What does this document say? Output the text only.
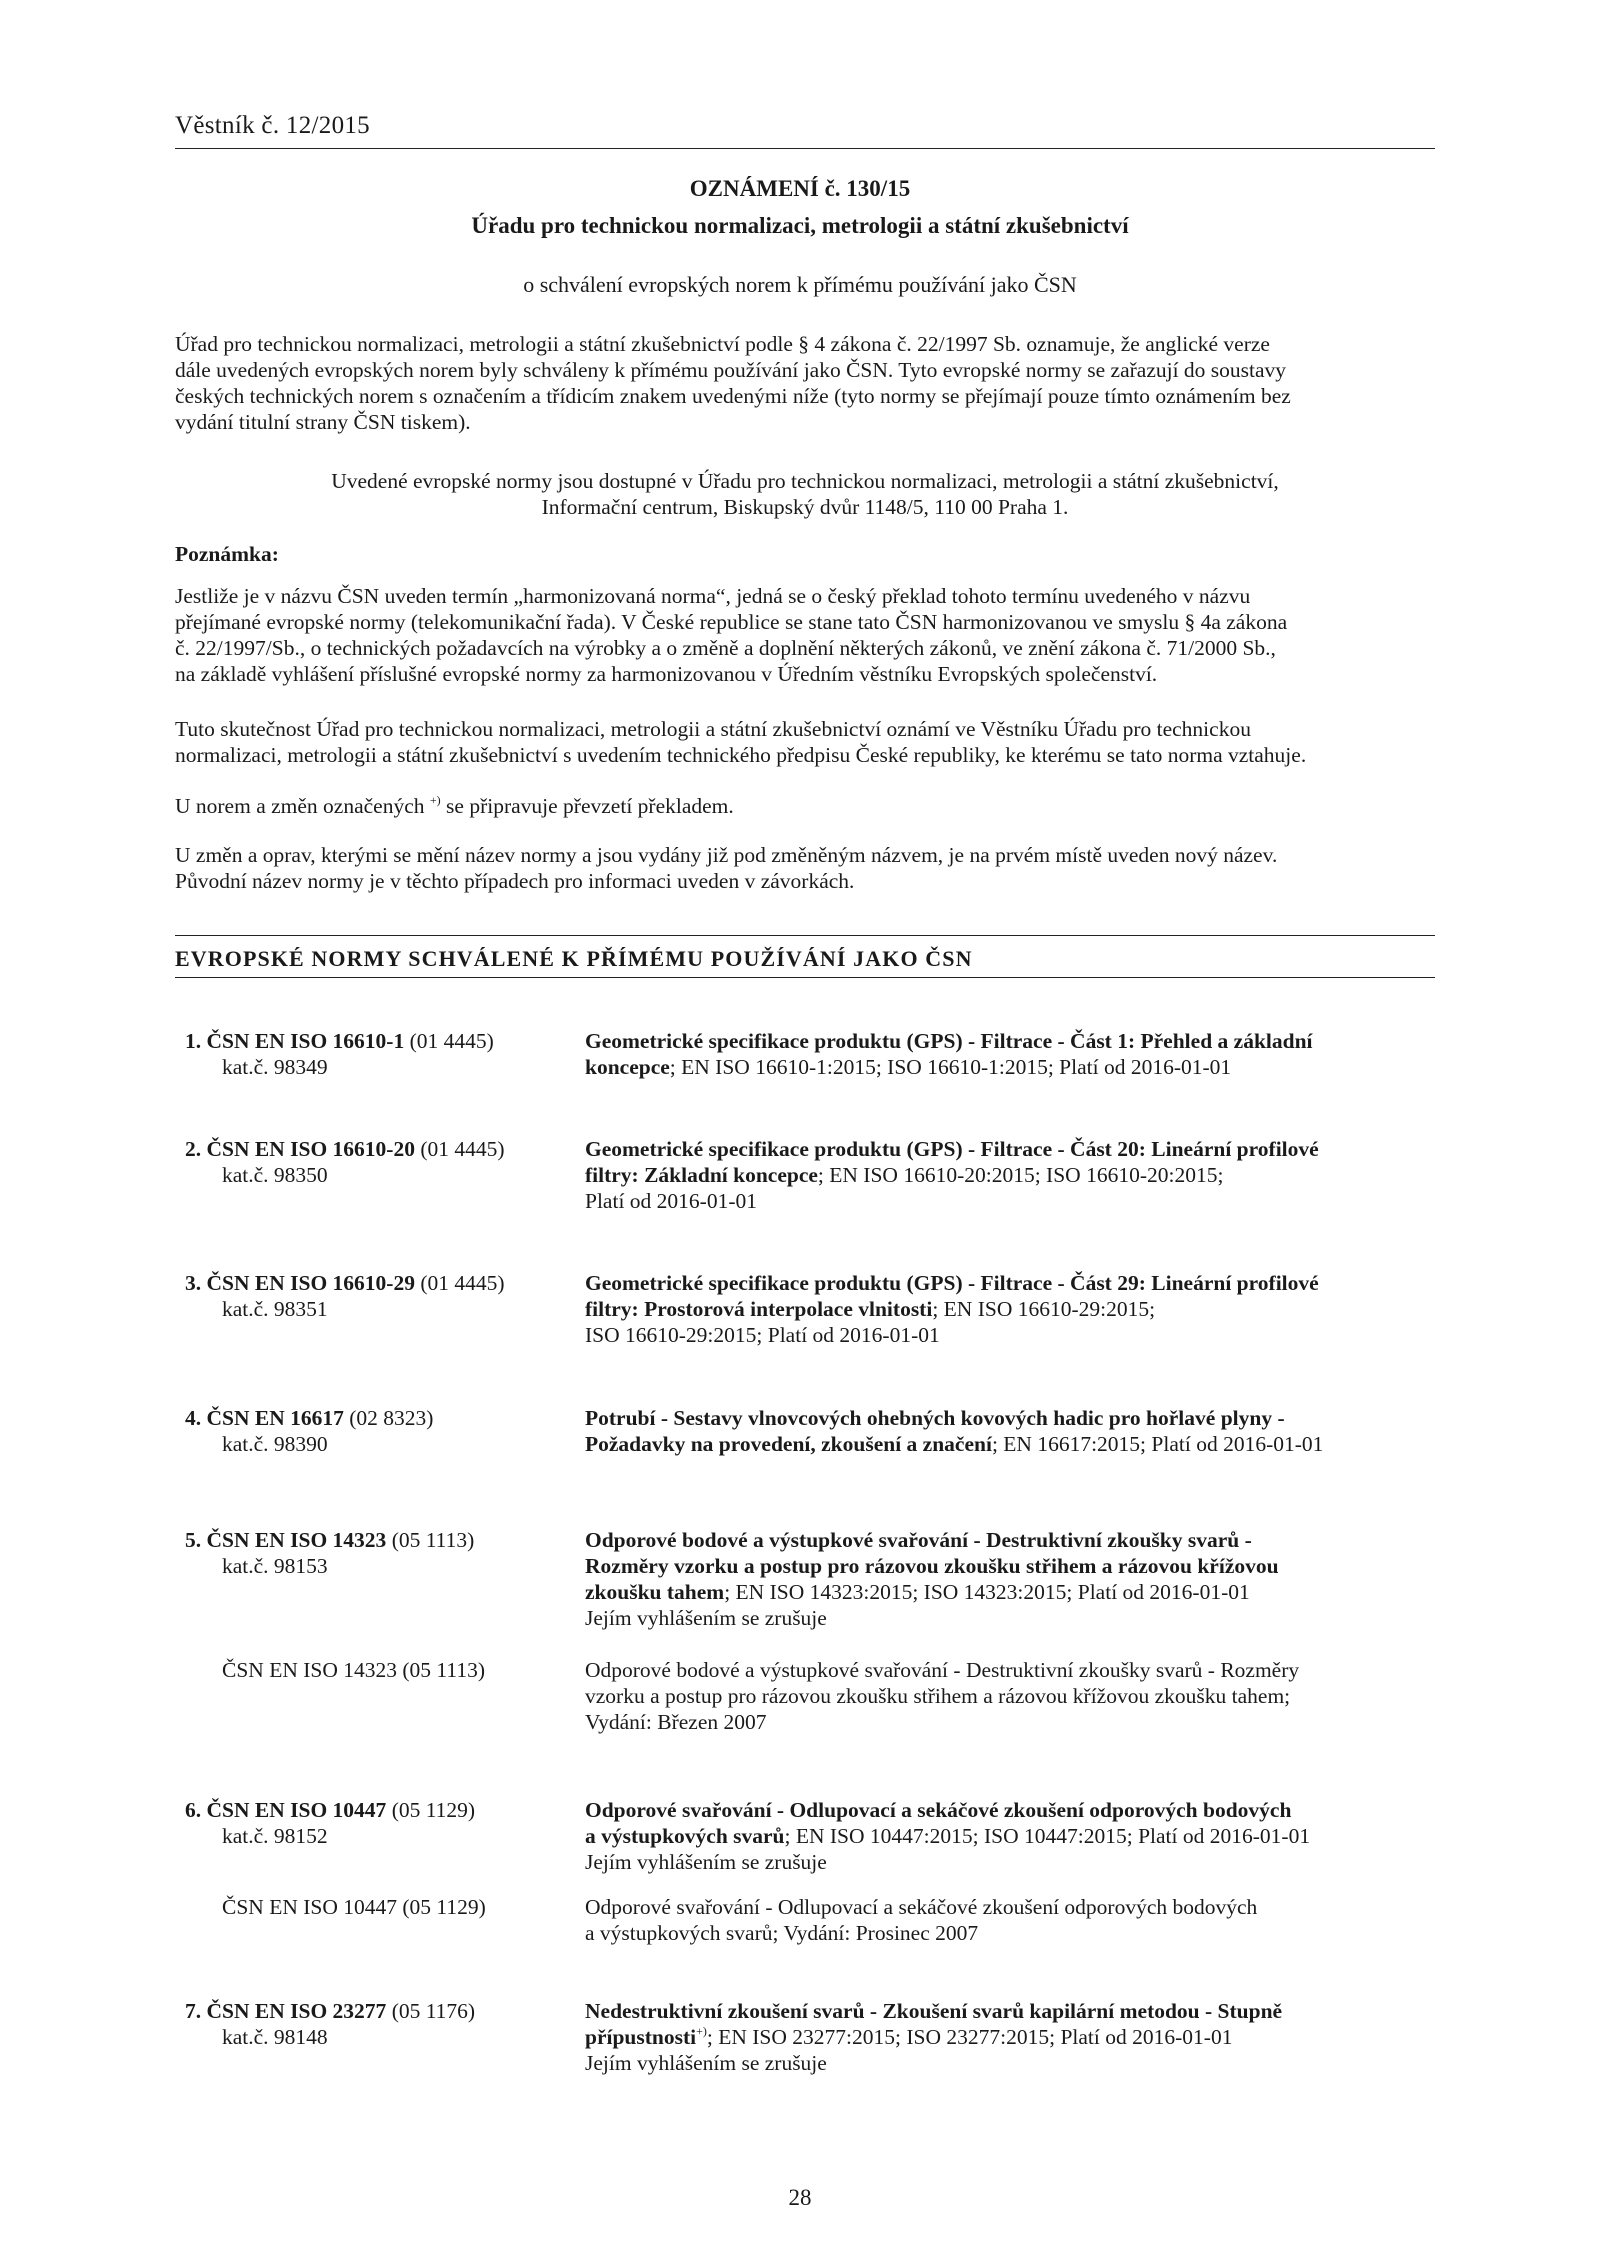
Věstník č. 12/2015
OZNÁMENÍ č. 130/15
Úřadu pro technickou normalizaci, metrologii a státní zkušebnictví
o schválení evropských norem k přímému používání jako ČSN
Úřad pro technickou normalizaci, metrologii a státní zkušebnictví podle § 4 zákona č. 22/1997 Sb. oznamuje, že anglické verze
dále uvedených evropských norem byly schváleny k přímému používání jako ČSN. Tyto evropské normy se zařazují do soustavy
českých technických norem s označením a třídicím znakem uvedenými níže (tyto normy se přejímají pouze tímto oznámením bez
vydání titulní strany ČSN tiskem).
Uvedené evropské normy jsou dostupné v Úřadu pro technickou normalizaci, metrologii a státní zkušebnictví,
Informační centrum, Biskupský dvůr 1148/5, 110 00 Praha 1.
Poznámka:
Jestliže je v názvu ČSN uveden termín „harmonizovaná norma“, jedná se o český překlad tohoto termínu uvedeného v názvu
přejímané evropské normy (telekomunikační řada). V České republice se stane tato ČSN harmonizovanou ve smyslu § 4a zákona
č. 22/1997/Sb., o technických požadavcích na výrobky a o změně a doplnění některých zákonů, ve znění zákona č. 71/2000 Sb.,
na základě vyhlášení příslušné evropské normy za harmonizovanou v Úředním věstníku Evropských společenství.
Tuto skutečnost Úřad pro technickou normalizaci, metrologii a státní zkušebnictví oznámí ve Věstníku Úřadu pro technickou
normalizaci, metrologii a státní zkušebnictví s uvedením technického předpisu České republiky, ke kterému se tato norma vztahuje.
U norem a změn označených +) se připravuje převzetí překladem.
U změn a oprav, kterými se mění název normy a jsou vydány již pod změněným názvem, je na prvém místě uveden nový název.
Původní název normy je v těchto případech pro informaci uveden v závorkách.
EVROPSKÉ NORMY SCHVÁLENÉ K PŘÍMÉMU POUŽÍVÁNÍ JAKO ČSN
1. ČSN EN ISO 16610-1 (01 4445)
kat.č. 98349
Geometrické specifikace produktu (GPS) - Filtrace - Část 1: Přehled a základní
koncepce; EN ISO 16610-1:2015; ISO 16610-1:2015; Platí od 2016-01-01
2. ČSN EN ISO 16610-20 (01 4445)
kat.č. 98350
Geometrické specifikace produktu (GPS) - Filtrace - Část 20: Lineární profilové
filtry: Základní koncepce; EN ISO 16610-20:2015; ISO 16610-20:2015;
Platí od 2016-01-01
3. ČSN EN ISO 16610-29 (01 4445)
kat.č. 98351
Geometrické specifikace produktu (GPS) - Filtrace - Část 29: Lineární profilové
filtry: Prostorová interpolace vlnitosti; EN ISO 16610-29:2015;
ISO 16610-29:2015; Platí od 2016-01-01
4. ČSN EN 16617 (02 8323)
kat.č. 98390
Potrubí - Sestavy vlnovcových ohebných kovových hadic pro hořlavé plyny -
Požadavky na provedení, zkoušení a značení; EN 16617:2015; Platí od 2016-01-01
5. ČSN EN ISO 14323 (05 1113)
kat.č. 98153
Odporové bodové a výstupkové svařování - Destruktivní zkoušky svarů -
Rozměry vzorku a postup pro rázovou zkoušku střihem a rázovou křížovou
zkoušku tahem; EN ISO 14323:2015; ISO 14323:2015; Platí od 2016-01-01
Jejím vyhlášením se zrušuje
ČSN EN ISO 14323 (05 1113)	Odporové bodové a výstupkové svařování - Destruktivní zkoušky svarů - Rozměry
vzorku a postup pro rázovou zkoušku střihem a rázovou křížovou zkoušku tahem;
Vydání: Březen 2007
6. ČSN EN ISO 10447 (05 1129)
kat.č. 98152
Odporové svařování - Odlupovací a sekáčové zkoušení odporových bodových
a výstupkových svarů; EN ISO 10447:2015; ISO 10447:2015; Platí od 2016-01-01
Jejím vyhlášením se zrušuje
ČSN EN ISO 10447 (05 1129)	Odporové svařování - Odlupovací a sekáčové zkoušení odporových bodových
a výstupkových svarů; Vydání: Prosinec 2007
7. ČSN EN ISO 23277 (05 1176)
kat.č. 98148
Nedestruktivní zkoušení svarů - Zkoušení svarů kapilární metodou - Stupně
přípustnosti+); EN ISO 23277:2015; ISO 23277:2015; Platí od 2016-01-01
Jejím vyhlášením se zrušuje
28
